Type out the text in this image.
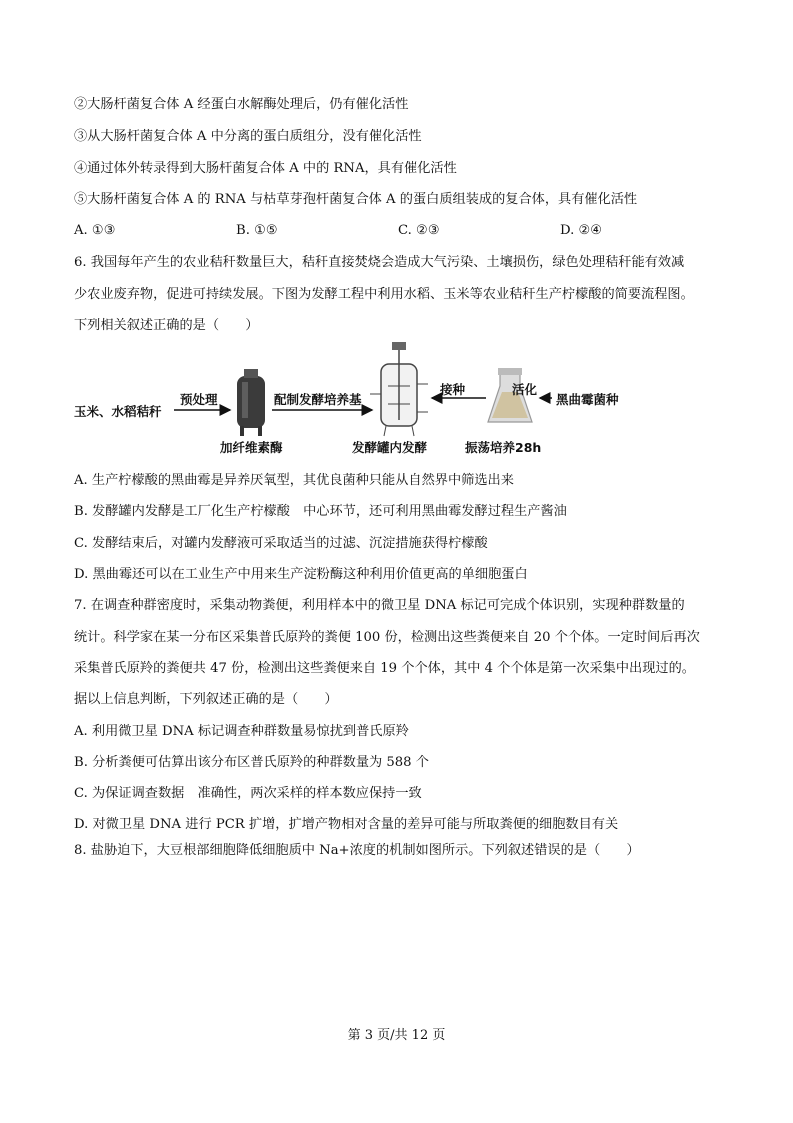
②大肠杆菌复合体 A 经蛋白水解酶处理后，仍有催化活性
③从大肠杆菌复合体 A 中分离的蛋白质组分，没有催化活性
④通过体外转录得到大肠杆菌复合体 A 中的 RNA，具有催化活性
⑤大肠杆菌复合体 A 的 RNA 与枯草芽孢杆菌复合体 A 的蛋白质组装成的复合体，具有催化活性
A. ①③	B. ①⑤	C. ②③	D. ②④
6. 我国每年产生的农业秸秆数量巨大，秸秆直接焚烧会造成大气污染、土壤损伤，绿色处理秸秆能有效减
少农业废弃物，促进可持续发展。下图为发酵工程中利用水稻、玉米等农业秸秆生产柠檬酸的简要流程图。
下列相关叙述正确的是（　　）
玉米、水稻秸秆
预处理
加纤维素酶
配制发酵培养基
发酵罐内发酵
接种
振荡培养28h
活化
黑曲霉菌种
A. 生产柠檬酸的黑曲霉是异养厌氧型，其优良菌种只能从自然界中筛选出来
B. 发酵罐内发酵是工厂化生产柠檬酸　中心环节，还可利用黑曲霉发酵过程生产酱油
C. 发酵结束后，对罐内发酵液可采取适当的过滤、沉淀措施获得柠檬酸
D. 黑曲霉还可以在工业生产中用来生产淀粉酶这种利用价值更高的单细胞蛋白
7. 在调查种群密度时，采集动物粪便，利用样本中的微卫星 DNA 标记可完成个体识别，实现种群数量的
统计。科学家在某一分布区采集普氏原羚的粪便 100 份，检测出这些粪便来自 20 个个体。一定时间后再次
采集普氏原羚的粪便共 47 份，检测出这些粪便来自 19 个个体，其中 4 个个体是第一次采集中出现过的。
据以上信息判断，下列叙述正确的是（　　）
A. 利用微卫星 DNA 标记调查种群数量易惊扰到普氏原羚
B. 分析粪便可估算出该分布区普氏原羚的种群数量为 588 个
C. 为保证调查数据　准确性，两次采样的样本数应保持一致
D. 对微卫星 DNA 进行 PCR 扩增，扩增产物相对含量的差异可能与所取粪便的细胞数目有关
8. 盐胁迫下，大豆根部细胞降低细胞质中 Na+浓度的机制如图所示。下列叙述错误的是（　　）
第 3 页/共 12 页
